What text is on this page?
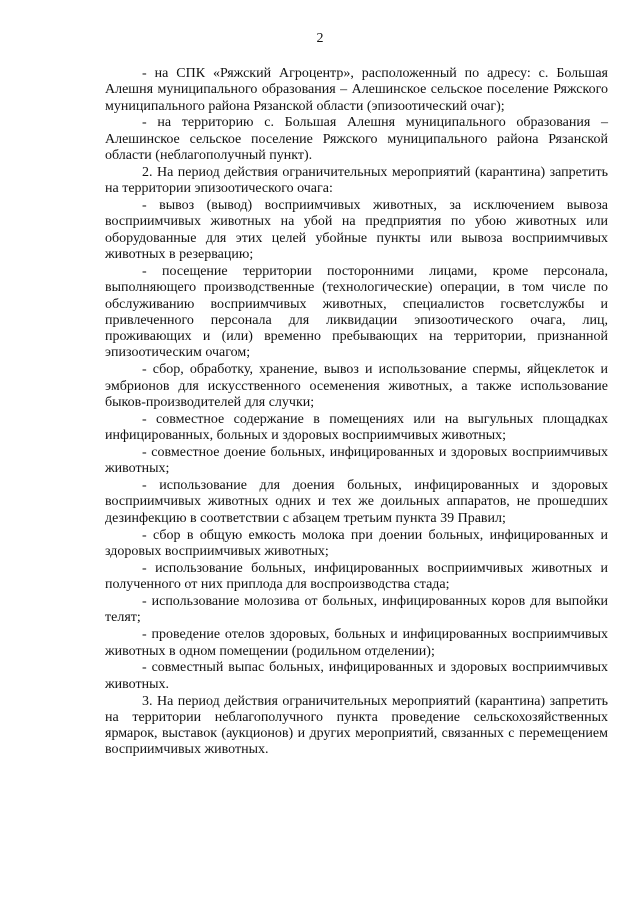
2

- на СПК «Ряжский Агроцентр», расположенный по адресу: с. Большая Алешня муниципального образования – Алешинское сельское поселение Ряжского муниципального района Рязанской области (эпизоотический очаг);

- на территорию с. Большая Алешня муниципального образования – Алешинское сельское поселение Ряжского муниципального района Рязанской области (неблагополучный пункт).

2. На период действия ограничительных мероприятий (карантина) запретить на территории эпизоотического очага:

- вывоз (вывод) восприимчивых животных, за исключением вывоза восприимчивых животных на убой на предприятия по убою животных или оборудованные для этих целей убойные пункты или вывоза восприимчивых животных в резервацию;

- посещение территории посторонними лицами, кроме персонала, выполняющего производственные (технологические) операции, в том числе по обслуживанию восприимчивых животных, специалистов госветслужбы и привлеченного персонала для ликвидации эпизоотического очага, лиц, проживающих и (или) временно пребывающих на территории, признанной эпизоотическим очагом;

- сбор, обработку, хранение, вывоз и использование спермы, яйцеклеток и эмбрионов для искусственного осеменения животных, а также использование быков-производителей для случки;

- совместное содержание в помещениях или на выгульных площадках инфицированных, больных и здоровых восприимчивых животных;

- совместное доение больных, инфицированных и здоровых восприимчивых животных;

- использование для доения больных, инфицированных и здоровых восприимчивых животных одних и тех же доильных аппаратов, не прошедших дезинфекцию в соответствии с абзацем третьим пункта 39 Правил;

- сбор в общую емкость молока при доении больных, инфицированных и здоровых восприимчивых животных;

- использование больных, инфицированных восприимчивых животных и полученного от них приплода для воспроизводства стада;

- использование молозива от больных, инфицированных коров для выпойки телят;

- проведение отелов здоровых, больных и инфицированных восприимчивых животных в одном помещении (родильном отделении);

- совместный выпас больных, инфицированных и здоровых восприимчивых животных.

3. На период действия ограничительных мероприятий (карантина) запретить на территории неблагополучного пункта проведение сельскохозяйственных ярмарок, выставок (аукционов) и других мероприятий, связанных с перемещением восприимчивых животных.
